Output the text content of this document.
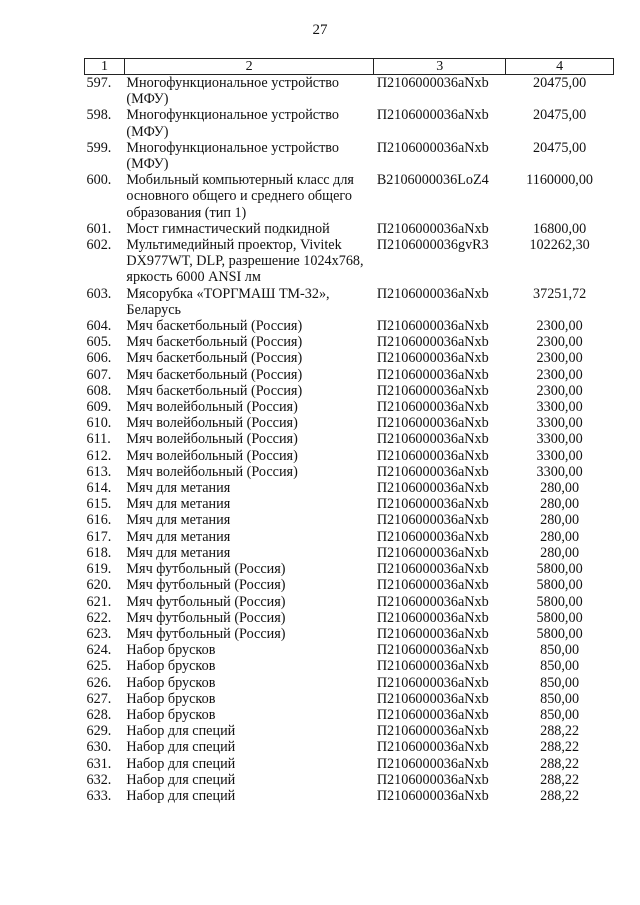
27
1	2	3	4
597.	Многофункциональное устройство (МФУ)	П2106000036aNxb	20475,00
598.	Многофункциональное устройство (МФУ)	П2106000036aNxb	20475,00
599.	Многофункциональное устройство (МФУ)	П2106000036aNxb	20475,00
600.	Мобильный компьютерный класс для основного общего и среднего общего образования (тип 1)	В2106000036LoZ4	1160000,00
601.	Мост гимнастический подкидной	П2106000036aNxb	16800,00
602.	Мультимедийный проектор, Vivitek DX977WT, DLP, разрешение 1024x768, яркость 6000 ANSI лм	П2106000036gvR3	102262,30
603.	Мясорубка «ТОРГМАШ ТМ-32», Беларусь	П2106000036aNxb	37251,72
604.	Мяч баскетбольный (Россия)	П2106000036aNxb	2300,00
605.	Мяч баскетбольный (Россия)	П2106000036aNxb	2300,00
606.	Мяч баскетбольный (Россия)	П2106000036aNxb	2300,00
607.	Мяч баскетбольный (Россия)	П2106000036aNxb	2300,00
608.	Мяч баскетбольный (Россия)	П2106000036aNxb	2300,00
609.	Мяч волейбольный (Россия)	П2106000036aNxb	3300,00
610.	Мяч волейбольный (Россия)	П2106000036aNxb	3300,00
611.	Мяч волейбольный (Россия)	П2106000036aNxb	3300,00
612.	Мяч волейбольный (Россия)	П2106000036aNxb	3300,00
613.	Мяч волейбольный (Россия)	П2106000036aNxb	3300,00
614.	Мяч для метания	П2106000036aNxb	280,00
615.	Мяч для метания	П2106000036aNxb	280,00
616.	Мяч для метания	П2106000036aNxb	280,00
617.	Мяч для метания	П2106000036aNxb	280,00
618.	Мяч для метания	П2106000036aNxb	280,00
619.	Мяч футбольный (Россия)	П2106000036aNxb	5800,00
620.	Мяч футбольный (Россия)	П2106000036aNxb	5800,00
621.	Мяч футбольный (Россия)	П2106000036aNxb	5800,00
622.	Мяч футбольный (Россия)	П2106000036aNxb	5800,00
623.	Мяч футбольный (Россия)	П2106000036aNxb	5800,00
624.	Набор брусков	П2106000036aNxb	850,00
625.	Набор брусков	П2106000036aNxb	850,00
626.	Набор брусков	П2106000036aNxb	850,00
627.	Набор брусков	П2106000036aNxb	850,00
628.	Набор брусков	П2106000036aNxb	850,00
629.	Набор для специй	П2106000036aNxb	288,22
630.	Набор для специй	П2106000036aNxb	288,22
631.	Набор для специй	П2106000036aNxb	288,22
632.	Набор для специй	П2106000036aNxb	288,22
633.	Набор для специй	П2106000036aNxb	288,22
